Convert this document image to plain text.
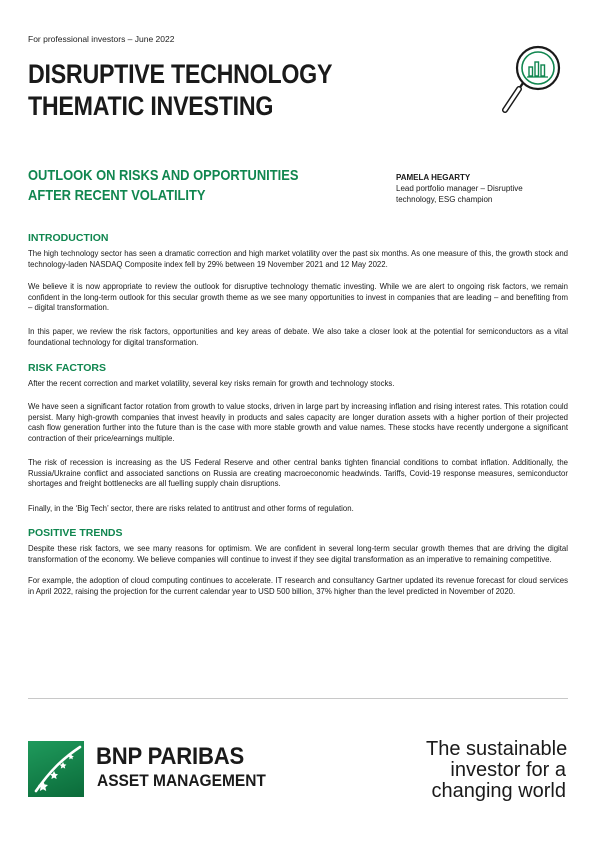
For professional investors – June 2022
DISRUPTIVE TECHNOLOGY
THEMATIC INVESTING
OUTLOOK ON RISKS AND OPPORTUNITIES
AFTER RECENT VOLATILITY
PAMELA HEGARTY
Lead portfolio manager – Disruptive
technology, ESG champion
INTRODUCTION
The high technology sector has seen a dramatic correction and high market volatility over the past six months. As one measure of this, the growth stock and technology-laden NASDAQ Composite index fell by 29% between 19 November 2021 and 12 May 2022.
We believe it is now appropriate to review the outlook for disruptive technology thematic investing. While we are alert to ongoing risk factors, we remain confident in the long-term outlook for this secular growth theme as we see many opportunities to invest in companies that are leading – and benefiting from – digital transformation.
In this paper, we review the risk factors, opportunities and key areas of debate. We also take a closer look at the potential for semiconductors as a vital foundational technology for digital transformation.
RISK FACTORS
After the recent correction and market volatility, several key risks remain for growth and technology stocks.
We have seen a significant factor rotation from growth to value stocks, driven in large part by increasing inflation and rising interest rates. This rotation could persist. Many high-growth companies that invest heavily in products and sales capacity are longer duration assets with a higher portion of their projected cash flow generation further into the future than is the case with more stable growth and value names. These stocks have recently undergone a significant contraction of their price/earnings multiple.
The risk of recession is increasing as the US Federal Reserve and other central banks tighten financial conditions to combat inflation. Additionally, the Russia/Ukraine conflict and associated sanctions on Russia are creating macroeconomic headwinds. Tariffs, Covid-19 response measures, semiconductor shortages and freight bottlenecks are all fuelling supply chain disruptions.
Finally, in the ‘Big Tech’ sector, there are risks related to antitrust and other forms of regulation.
POSITIVE TRENDS
Despite these risk factors, we see many reasons for optimism. We are confident in several long-term secular growth themes that are driving the digital transformation of the economy. We believe companies will continue to invest if they see digital transformation as an imperative to remaining competitive.
For example, the adoption of cloud computing continues to accelerate. IT research and consultancy Gartner updated its revenue forecast for cloud services in April 2022, raising the projection for the current calendar year to USD 500 billion, 37% higher than the level predicted in November of 2020.
BNP PARIBAS
ASSET MANAGEMENT
The sustainable
investor for a
changing world
